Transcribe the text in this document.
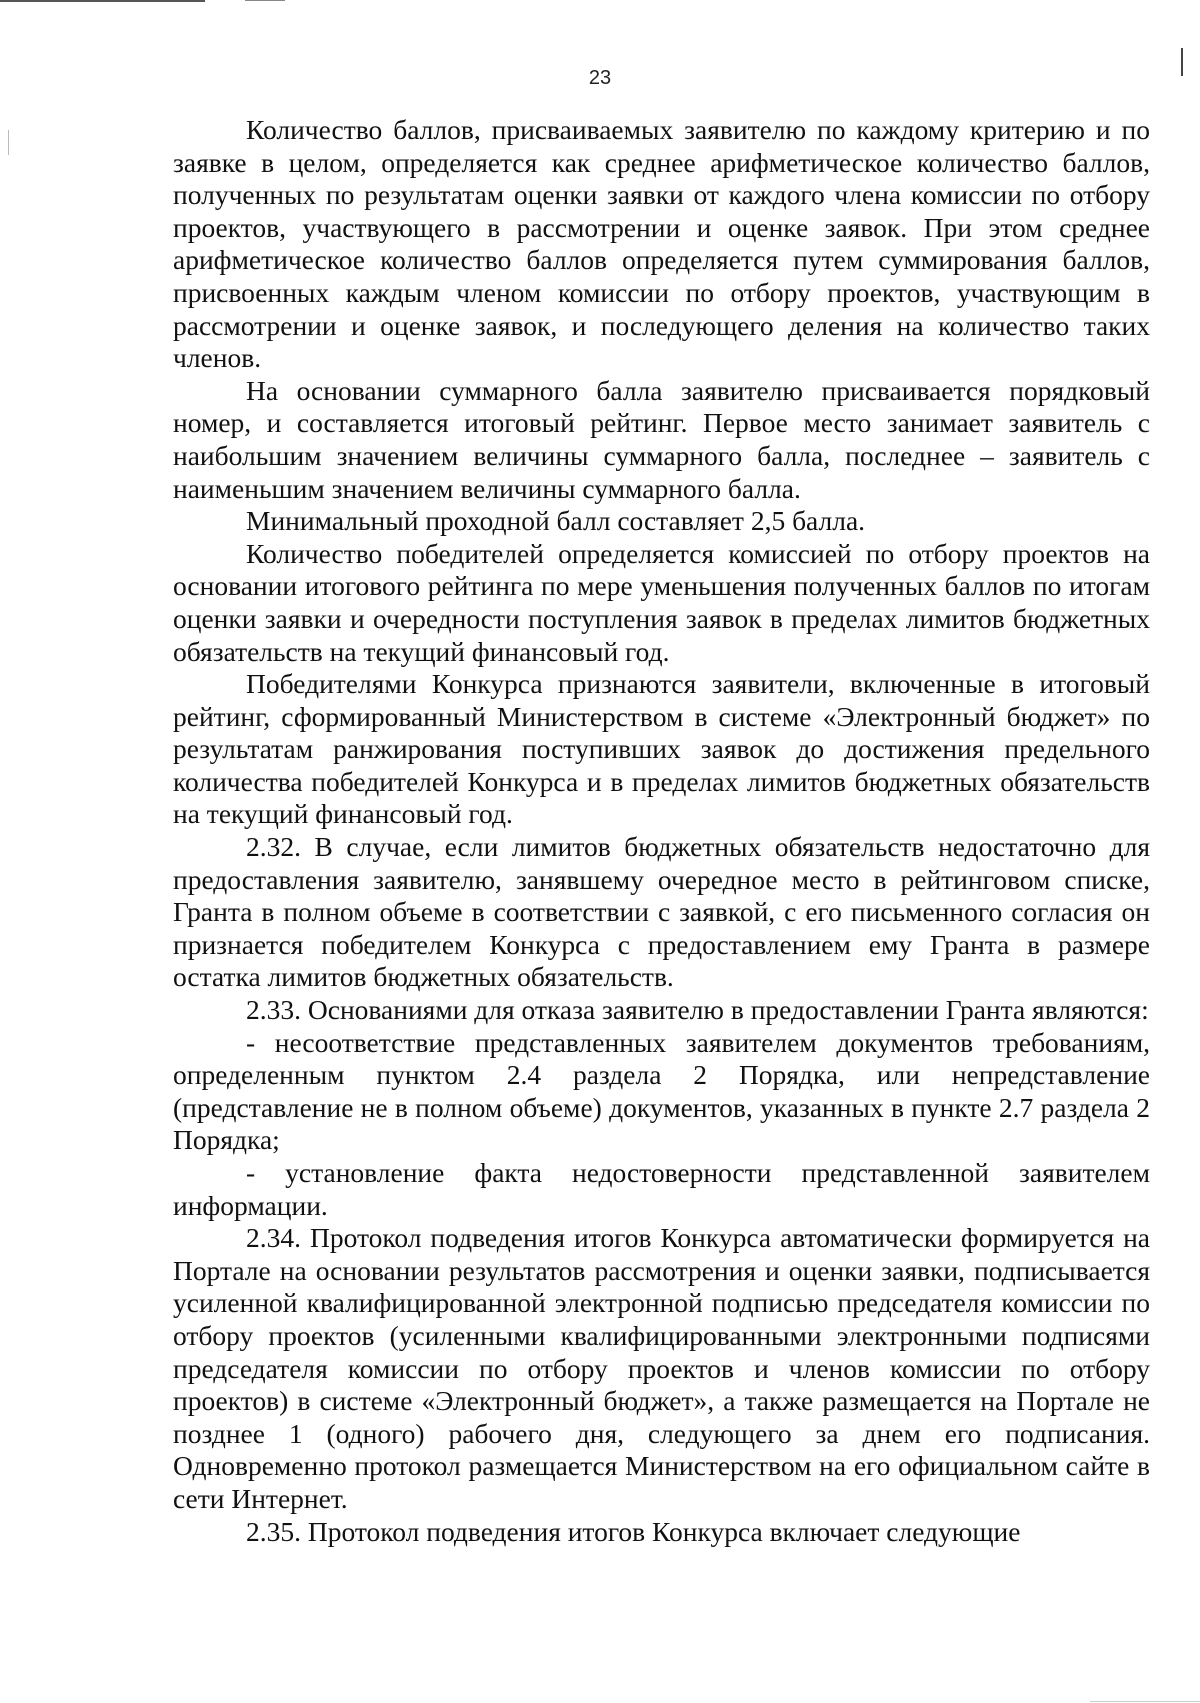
23

Количество баллов, присваиваемых заявителю по каждому критерию и по заявке в целом, определяется как среднее арифметическое количество баллов, полученных по результатам оценки заявки от каждого члена комиссии по отбору проектов, участвующего в рассмотрении и оценке заявок. При этом среднее арифметическое количество баллов определяется путем суммирования баллов, присвоенных каждым членом комиссии по отбору проектов, участвующим в рассмотрении и оценке заявок, и последующего деления на количество таких членов.

На основании суммарного балла заявителю присваивается порядковый номер, и составляется итоговый рейтинг. Первое место занимает заявитель с наибольшим значением величины суммарного балла, последнее – заявитель с наименьшим значением величины суммарного балла.

Минимальный проходной балл составляет 2,5 балла.

Количество победителей определяется комиссией по отбору проектов на основании итогового рейтинга по мере уменьшения полученных баллов по итогам оценки заявки и очередности поступления заявок в пределах лимитов бюджетных обязательств на текущий финансовый год.

Победителями Конкурса признаются заявители, включенные в итоговый рейтинг, сформированный Министерством в системе «Электронный бюджет» по результатам ранжирования поступивших заявок до достижения предельного количества победителей Конкурса и в пределах лимитов бюджетных обязательств на текущий финансовый год.

2.32. В случае, если лимитов бюджетных обязательств недостаточно для предоставления заявителю, занявшему очередное место в рейтинговом списке, Гранта в полном объеме в соответствии с заявкой, с его письменного согласия он признается победителем Конкурса с предоставлением ему Гранта в размере остатка лимитов бюджетных обязательств.

2.33. Основаниями для отказа заявителю в предоставлении Гранта являются:

- несоответствие представленных заявителем документов требованиям, определенным пунктом 2.4 раздела 2 Порядка, или непредставление (представление не в полном объеме) документов, указанных в пункте 2.7 раздела 2 Порядка;

- установление факта недостоверности представленной заявителем информации.

2.34. Протокол подведения итогов Конкурса автоматически формируется на Портале на основании результатов рассмотрения и оценки заявки, подписывается усиленной квалифицированной электронной подписью председателя комиссии по отбору проектов (усиленными квалифицированными электронными подписями председателя комиссии по отбору проектов и членов комиссии по отбору проектов) в системе «Электронный бюджет», а также размещается на Портале не позднее 1 (одного) рабочего дня, следующего за днем его подписания. Одновременно протокол размещается Министерством на его официальном сайте в сети Интернет.

2.35. Протокол подведения итогов Конкурса включает следующие
